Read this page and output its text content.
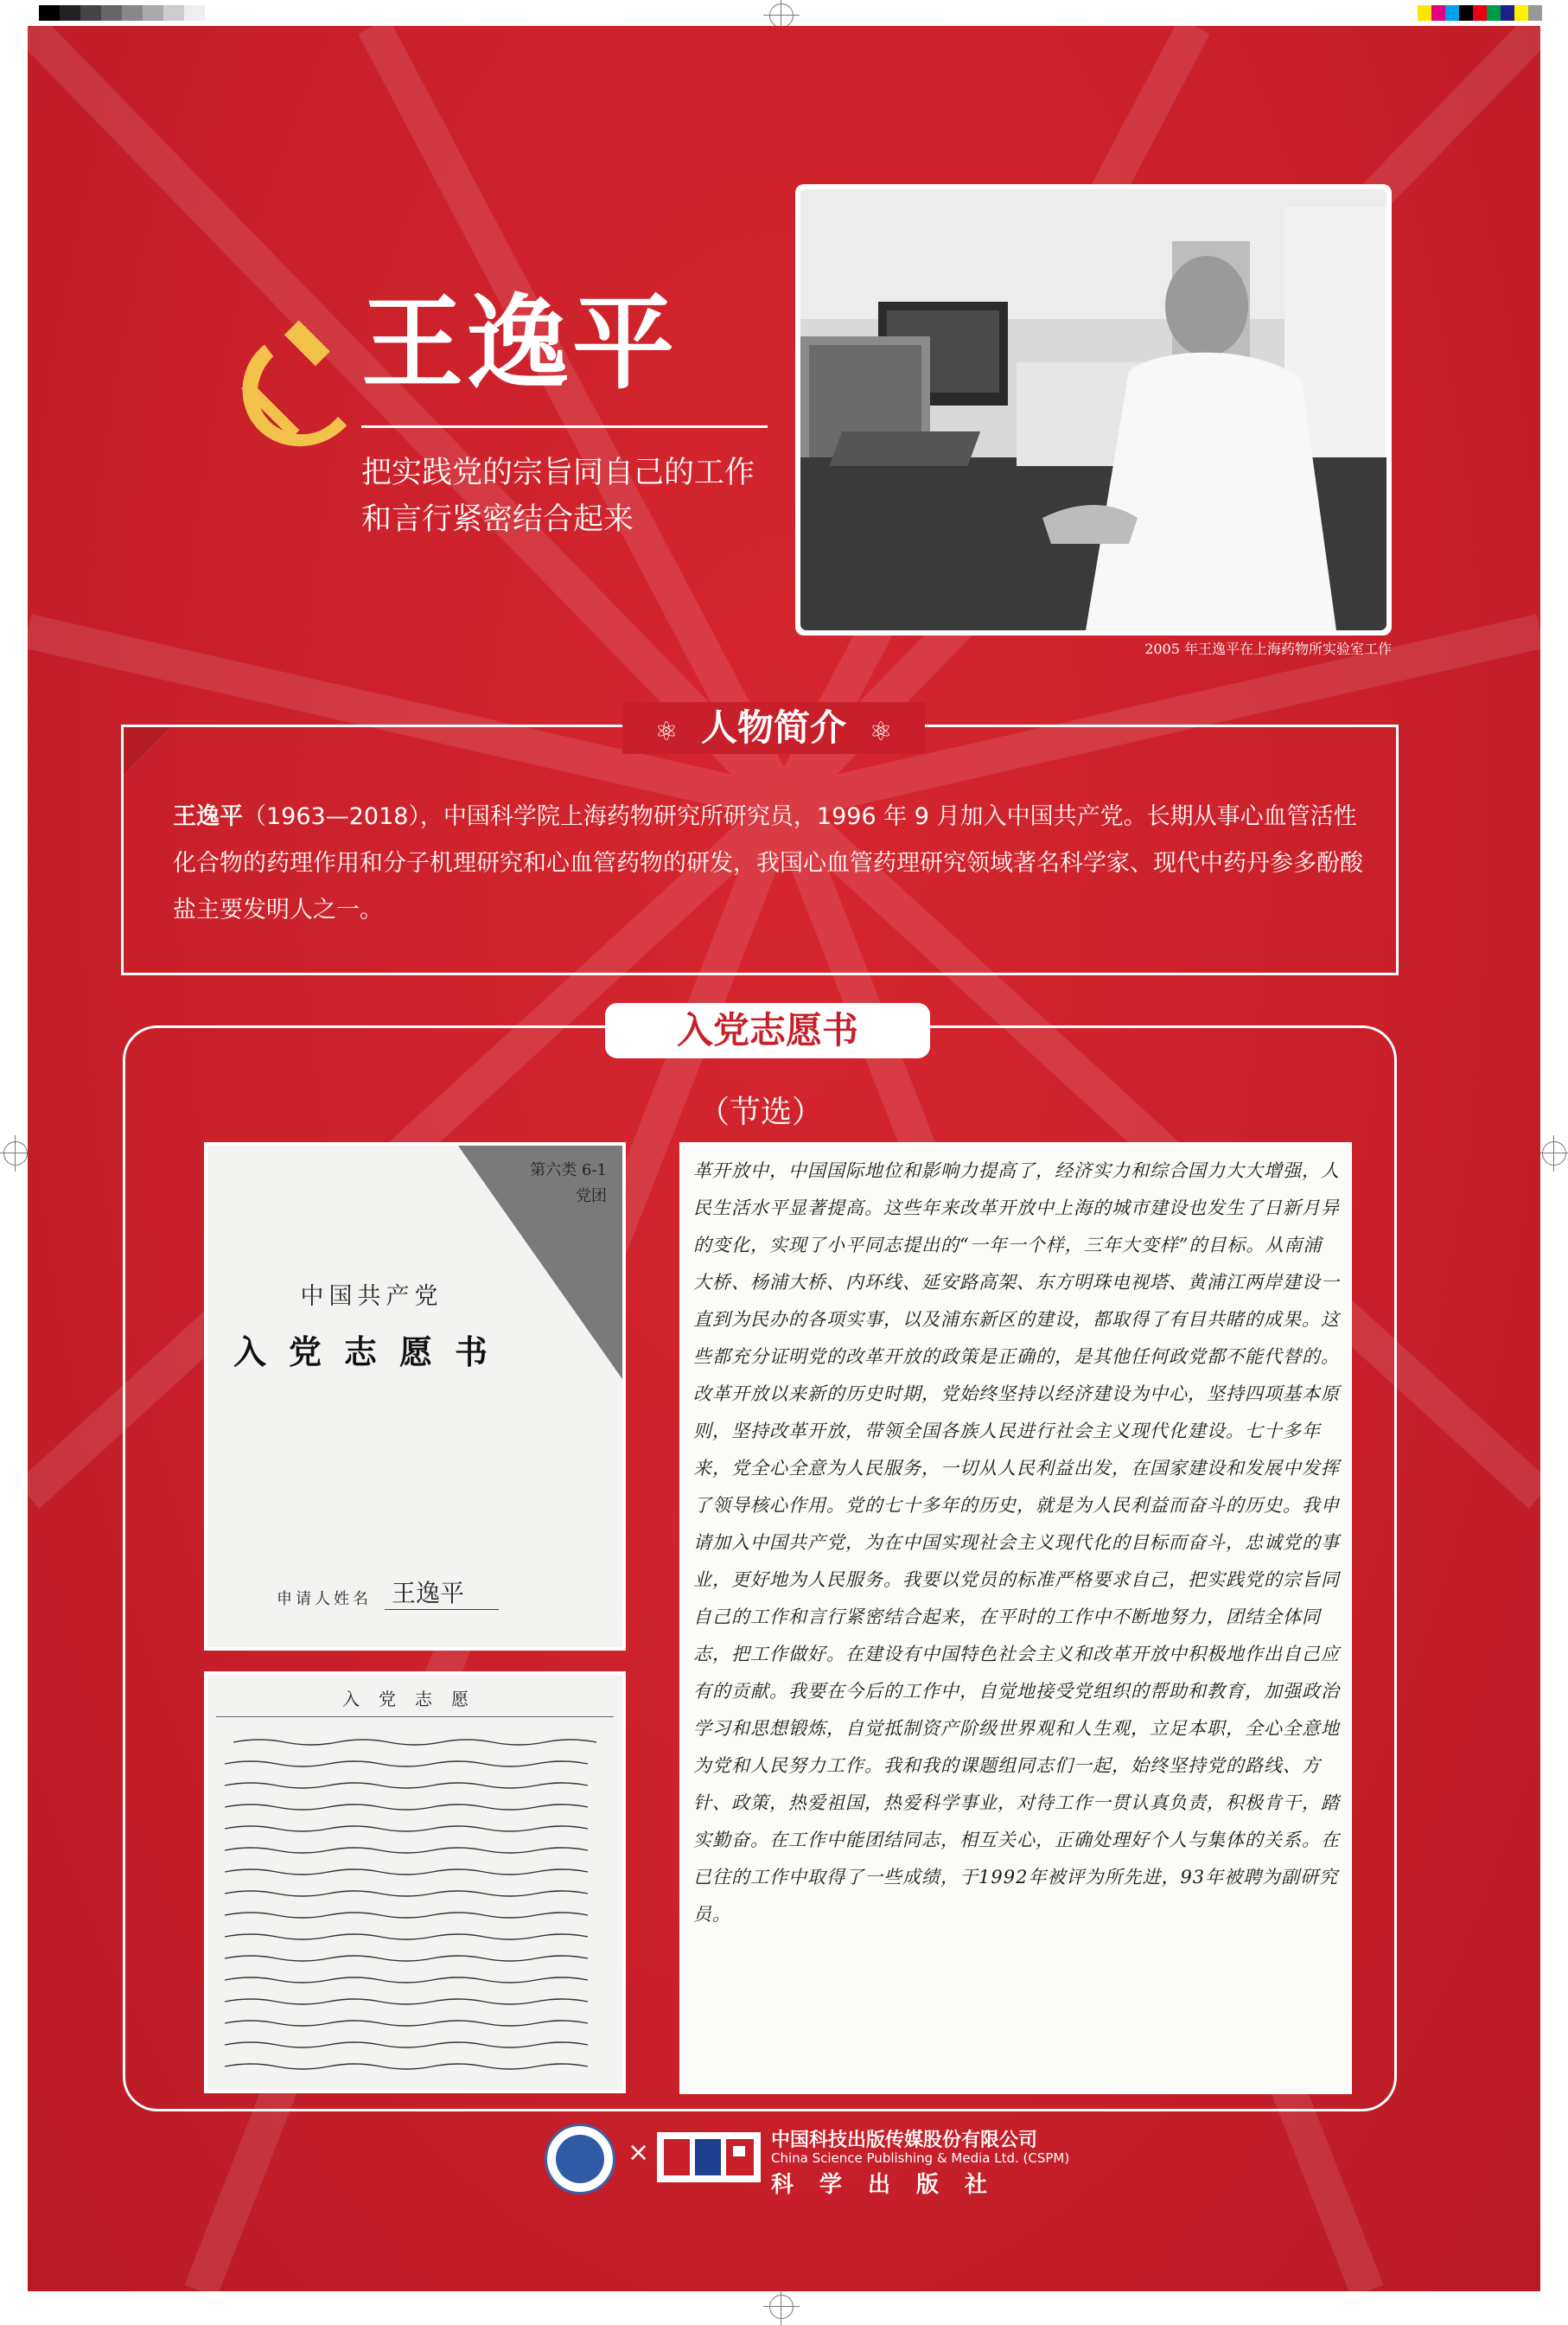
王逸平
把实践党的宗旨同自己的工作和言行紧密结合起来
2005 年王逸平在上海药物所实验室工作
⚛ 人物简介 ⚛
王逸平（1963—2018），中国科学院上海药物研究所研究员，1996 年 9 月加入中国共产党。长期从事心血管活性化合物的药理作用和分子机理研究和心血管药物的研发，我国心血管药理研究领域著名科学家、现代中药丹参多酚酸盐主要发明人之一。
入党志愿书
（节选）
第六类 6-1
党团
中国共产党
入党志愿书
申请人姓名 王逸平
入党志愿
革开放中，中国国际地位和影响力提高了，经济实力和综合国力大大增强，人民生活水平显著提高。这些年来改革开放中上海的城市建设也发生了日新月异的变化，实现了小平同志提出的“一年一个样，三年大变样”的目标。从南浦大桥、杨浦大桥、内环线、延安路高架、东方明珠电视塔、黄浦江两岸建设一直到为民办的各项实事，以及浦东新区的建设，都取得了有目共睹的成果。这些都充分证明党的改革开放的政策是正确的，是其他任何政党都不能代替的。改革开放以来新的历史时期，党始终坚持以经济建设为中心，坚持四项基本原则，坚持改革开放，带领全国各族人民进行社会主义现代化建设。七十多年来，党全心全意为人民服务，一切从人民利益出发，在国家建设和发展中发挥了领导核心作用。党的七十多年的历史，就是为人民利益而奋斗的历史。我申请加入中国共产党，为在中国实现社会主义现代化的目标而奋斗，忠诚党的事业，更好地为人民服务。我要以党员的标准严格要求自己，把实践党的宗旨同自己的工作和言行紧密结合起来，在平时的工作中不断地努力，团结全体同志，把工作做好。在建设有中国特色社会主义和改革开放中积极地作出自己应有的贡献。我要在今后的工作中，自觉地接受党组织的帮助和教育，加强政治学习和思想锻炼，自觉抵制资产阶级世界观和人生观，立足本职，全心全意地为党和人民努力工作。我和我的课题组同志们一起，始终坚持党的路线、方针、政策，热爱祖国，热爱科学事业，对待工作一贯认真负责，积极肯干，踏实勤奋。在工作中能团结同志，相互关心，正确处理好个人与集体的关系。在已往的工作中取得了一些成绩，于1992年被评为所先进，93年被聘为副研究员。
×	中国科技出版传媒股份有限公司
China Science Publishing & Media Ltd. (CSPM)
科学出版社
